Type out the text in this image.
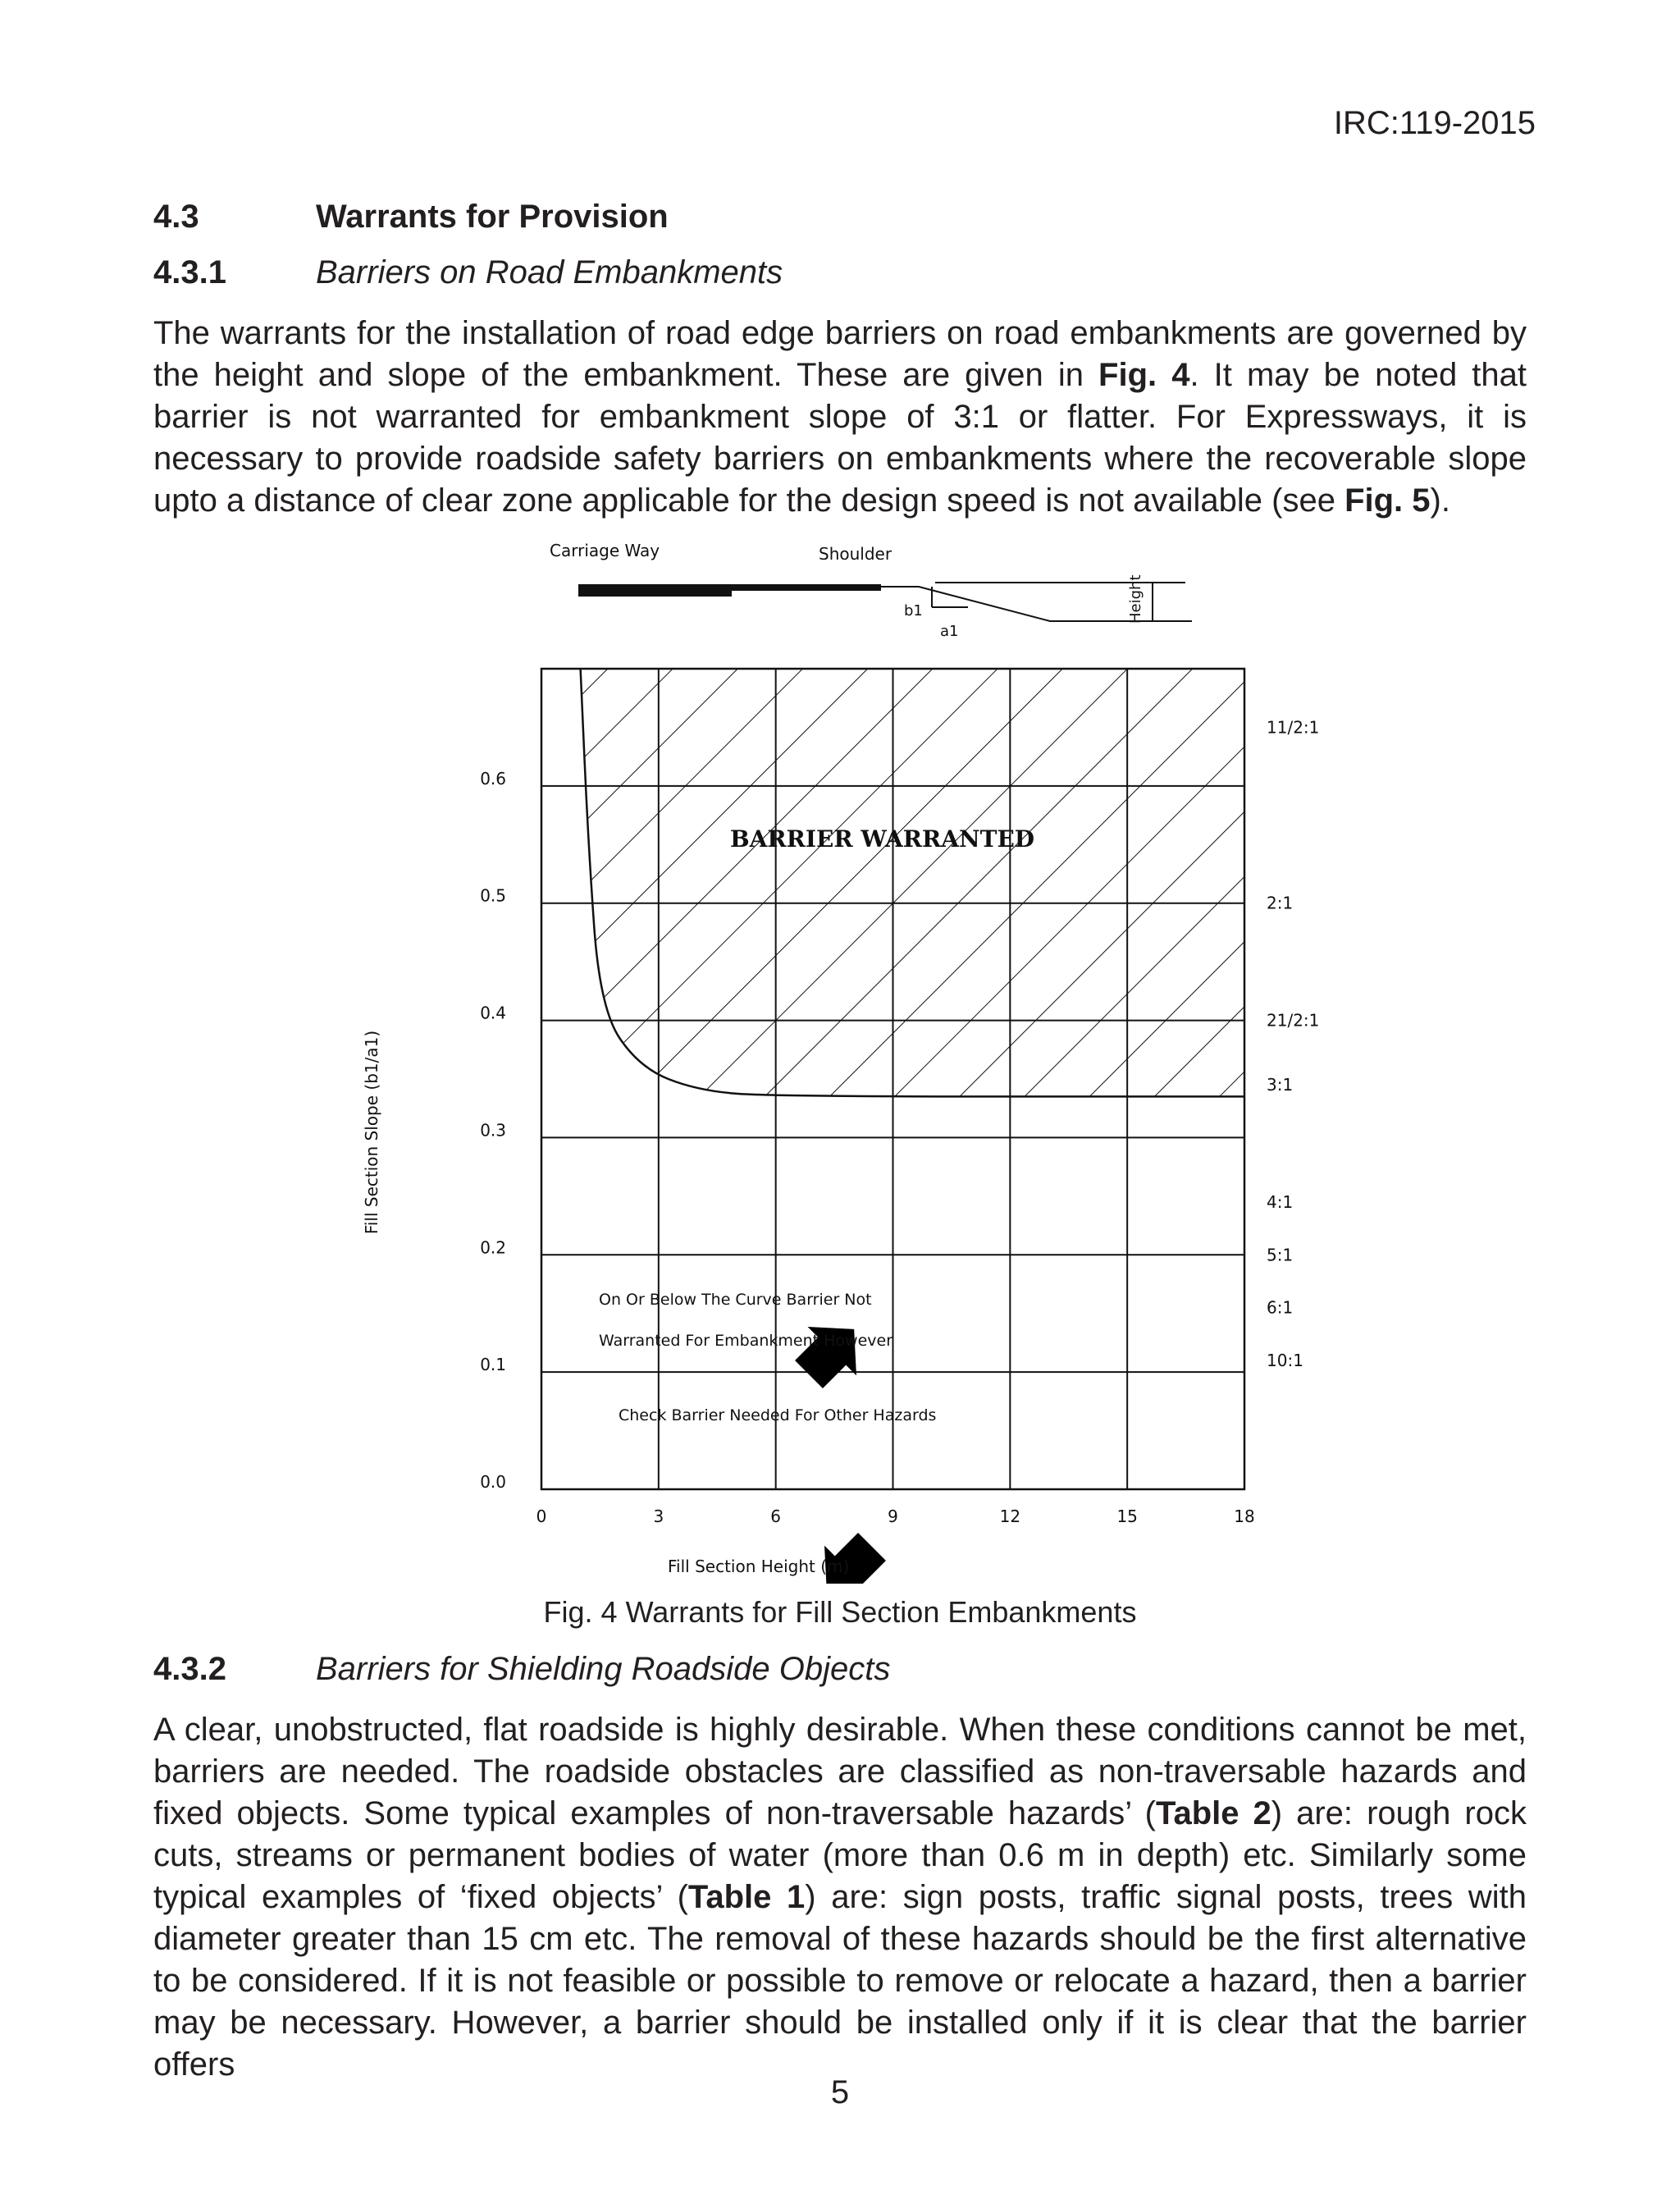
IRC:119-2015
4.3	Warrants for Provision
4.3.1	Barriers on Road Embankments

The warrants for the installation of road edge barriers on road embankments are governed by the height and slope of the embankment. These are given in Fig. 4. It may be noted that barrier is not warranted for embankment slope of 3:1 or flatter. For Expressways, it is necessary to provide roadside safety barriers on embankments where the recoverable slope upto a distance of clear zone applicable for the design speed is not available (see Fig. 5).

Carriage Way	Shoulder
b1
a1
Height
BARRIER WARRANTED
On Or Below The Curve Barrier Not
Warranted For Embankment However
Check Barrier Needed For Other Hazards
0	3	6	9	12	15	18
0.0
0.1
0.2
0.3
0.4
0.5
0.6
11/2:1
2:1
21/2:1
3:1
4:1
5:1
6:1
10:1
Fill Section Height (m)
Fill Section Slope (b1/a1)
Fig. 4 Warrants for Fill Section Embankments
4.3.2	Barriers for Shielding Roadside Objects

A clear, unobstructed, flat roadside is highly desirable. When these conditions cannot be met, barriers are needed. The roadside obstacles are classified as non-traversable hazards and fixed objects. Some typical examples of non-traversable hazards’ (Table 2) are: rough rock cuts, streams or permanent bodies of water (more than 0.6 m in depth) etc. Similarly some typical examples of ‘fixed objects’ (Table 1) are: sign posts, traffic signal posts, trees with diameter greater than 15 cm etc. The removal of these hazards should be the first alternative to be considered. If it is not feasible or possible to remove or relocate a hazard, then a barrier may be necessary. However, a barrier should be installed only if it is clear that the barrier offers

5
